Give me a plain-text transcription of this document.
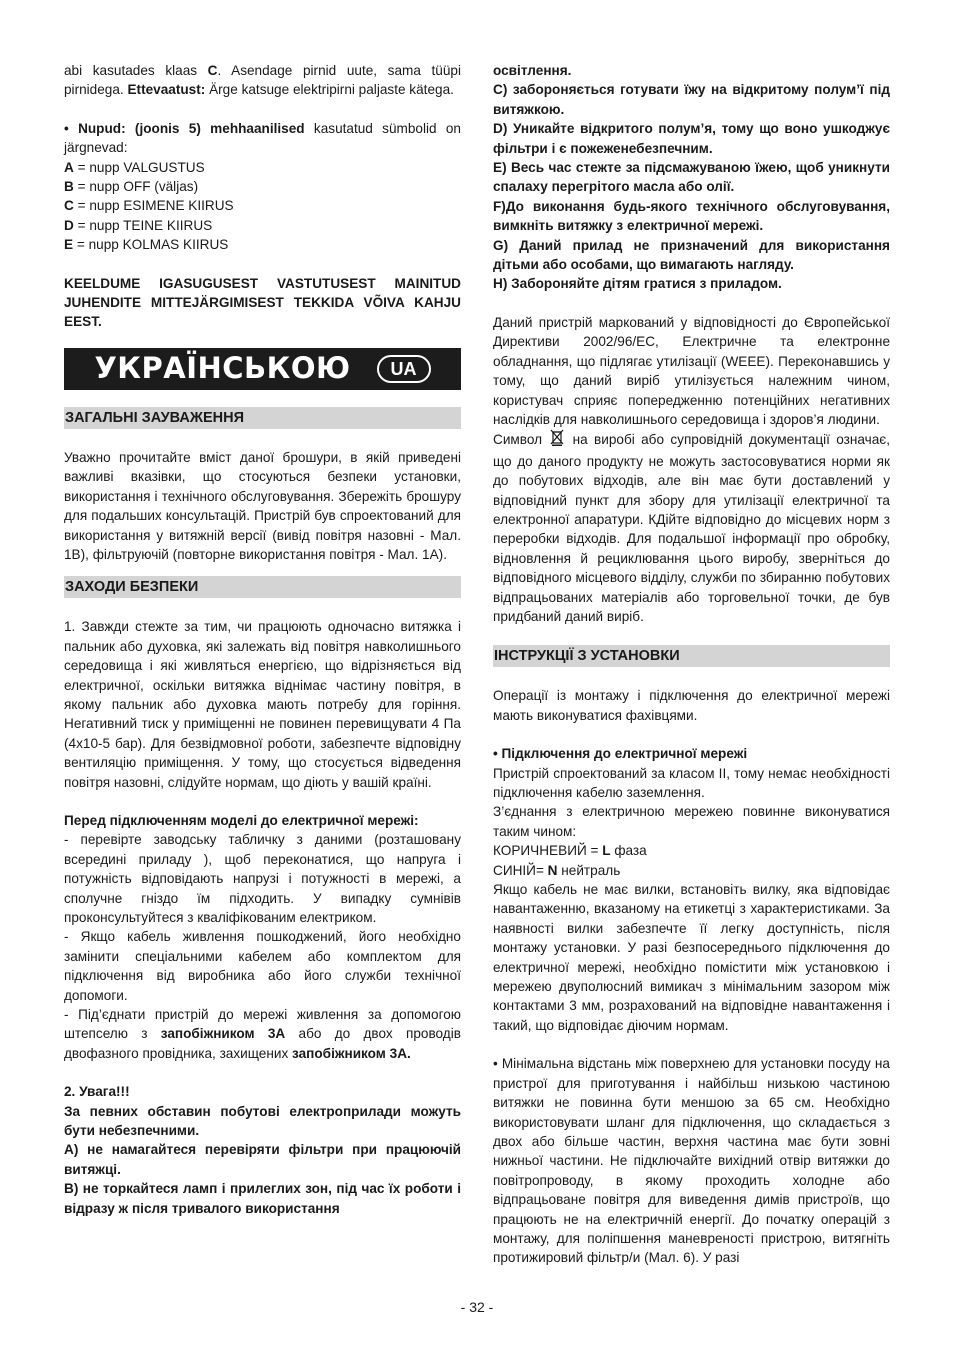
abi kasutades klaas C. Asendage pirnid uute, sama tüüpi pirnidega. Ettevaatust: Ärge katsuge elektripirni paljaste kätega.

• Nupud: (joonis 5) mehhaanilised kasutatud sümbolid on järgnevad:

A = nupp VALGUSTUS
B = nupp OFF (väljas)
C = nupp ESIMENE KIIRUS
D = nupp TEINE KIIRUS
E = nupp KOLMAS KIIRUS

KEELDUME IGASUGUSEST VASTUTUSEST MAINITUD JUHENDITE MITTEJÄRGIMISEST TEKKIDA VÕIVA KAHJU EEST.

УКРАЇНСЬКОЮ	UA
ЗАГАЛЬНІ ЗАУВАЖЕННЯ

Уважно прочитайте вміст даної брошури, в якій приведені важливі вказівки, що стосуються безпеки установки, використання і технічного обслуговування. Збережіть брошуру для подальших консультацій. Пристрій був спроектований для використання у витяжній версії (вивід повітря назовні - Мал. 1B), фільтруючій (повторне використання повітря - Мал. 1A).

ЗАХОДИ БЕЗПЕКИ

1. Завжди стежте за тим, чи працюють одночасно витяжка і пальник або духовка, які залежать від повітря навколишнього середовища і які живляться енергією, що відрізняється від електричної, оскільки витяжка віднімає частину повітря, в якому пальник або духовка мають потребу для горіння. Негативний тиск у приміщенні не повинен перевищувати 4 Па (4x10-5 бар). Для безвідмовної роботи, забезпечте відповідну вентиляцію приміщення. У тому, що стосується відведення повітря назовні, слідуйте нормам, що діють у вашій країні.

Перед підключенням моделі до електричної мережі:

- перевірте заводську табличку з даними (розташовану всередині приладу ), щоб переконатися, що напруга і потужність відповідають напрузі і потужності в мережі, а сполучне гніздо їм підходить. У випадку сумнівів проконсультуйтеся з кваліфікованим електриком.

- Якщо кабель живлення пошкоджений, його необхідно замінити спеціальними кабелем або комплектом для підключення від виробника або його служби технічної допомоги.

- Під’єднати пристрій до мережі живлення за допомогою штепселю з запобіжником 3А або до двох проводів двофазного провідника, захищених запобіжником 3А.

2. Увага!!!

За певних обставин побутові електроприлади можуть бути небезпечними.

А) не намагайтеся перевіряти фільтри при працюючій витяжці.

В) не торкайтеся ламп і прилеглих зон, під час їх роботи і відразу ж після тривалого використання

освітлення.

С) забороняється готувати їжу на відкритому полум’ї під витяжкою.

D) Уникайте відкритого полум’я, тому що воно ушкоджує фільтри і є пожеженебезпечним.

Е) Весь час стежте за підсмажуваною їжею, щоб уникнути спалаху перегрітого масла або олії.

F)До виконання будь-якого технічного обслуговування, вимкніть витяжку з електричної мережі.

G) Даний прилад не призначений для використання дітьми або особами, що вимагають нагляду.

H) Забороняйте дітям гратися з приладом.

Даний пристрій маркований у відповідності до Європейської Директиви 2002/96/EC, Електричне та електронне обладнання, що підлягає утилізації (WEEE). Переконавшись у тому, що даний виріб утилізується належним чином, користувач сприяє попередженню потенційних негативних наслідків для навколишнього середовища і здоров’я людини.

Символ  на виробі або супровідній документації означає, що до даного продукту не можуть застосовуватися норми як до побутових відходів, але він має бути доставлений у відповідний пункт для збору для утилізації електричної та електронної апаратури. КДійте відповідно до місцевих норм з переробки відходів. Для подальшої інформації про обробку, відновлення й рециклювання цього виробу, зверніться до відповідного місцевого відділу, служби по збиранню побутових відпрацьованих матеріалів або торговельної точки, де був придбаний даний виріб.

ІНСТРУКЦІЇ З УСТАНОВКИ

Операції із монтажу і підключення до електричної мережі мають виконуватися фахівцями.

• Підключення до електричної мережі

Пристрій спроектований за класом II, тому немає необхідності підключення кабелю заземлення.

З’єднання з електричною мережею повинне виконуватися таким чином:

КОРИЧНЕВИЙ = L фаза

СИНІЙ= N нейтраль

Якщо кабель не має вилки, встановіть вилку, яка відповідає навантаженню, вказаному на етикетці з характеристиками. За наявності вилки забезпечте її легку доступність, після монтажу установки. У разі безпосереднього підключення до електричної мережі, необхідно помістити між установкою і мережею двуполюсний вимикач з мінімальним зазором між контактами 3 мм, розрахований на відповідне навантаження і такий, що відповідає діючим нормам.

• Мінімальна відстань між поверхнею для установки посуду на пристрої для приготування і найбільш низькою частиною витяжки не повинна бути меншою за 65 см. Необхідно використовувати шланг для підключення, що складається з двох або більше частин, верхня частина має бути зовні нижньої частини. Не підключайте вихідний отвір витяжки до повітропроводу, в якому проходить холодне або відпрацьоване повітря для виведення димів пристроїв, що працюють не на електричній енергії. До початку операцій з монтажу, для поліпшення маневреності пристрою, витягніть протижировий фільтр/и (Мал. 6). У разі

- 32 -
